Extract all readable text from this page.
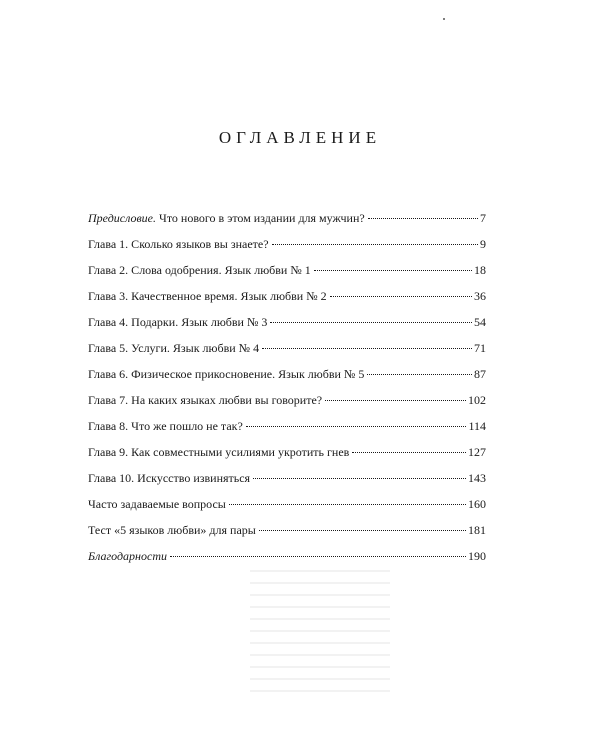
ОГЛАВЛЕНИЕ
Предисловие. Что нового в этом издании для мужчин?	7
Глава 1. Сколько языков вы знаете?	9
Глава 2. Слова одобрения. Язык любви № 1	18
Глава 3. Качественное время. Язык любви № 2	36
Глава 4. Подарки. Язык любви № 3	54
Глава 5. Услуги. Язык любви № 4	71
Глава 6. Физическое прикосновение. Язык любви № 5	87
Глава 7. На каких языках любви вы говорите?	102
Глава 8. Что же пошло не так?	114
Глава 9. Как совместными усилиями укротить гнев	127
Глава 10. Искусство извиняться	143
Часто задаваемые вопросы	160
Тест «5 языков любви» для пары	181
Благодарности	190
